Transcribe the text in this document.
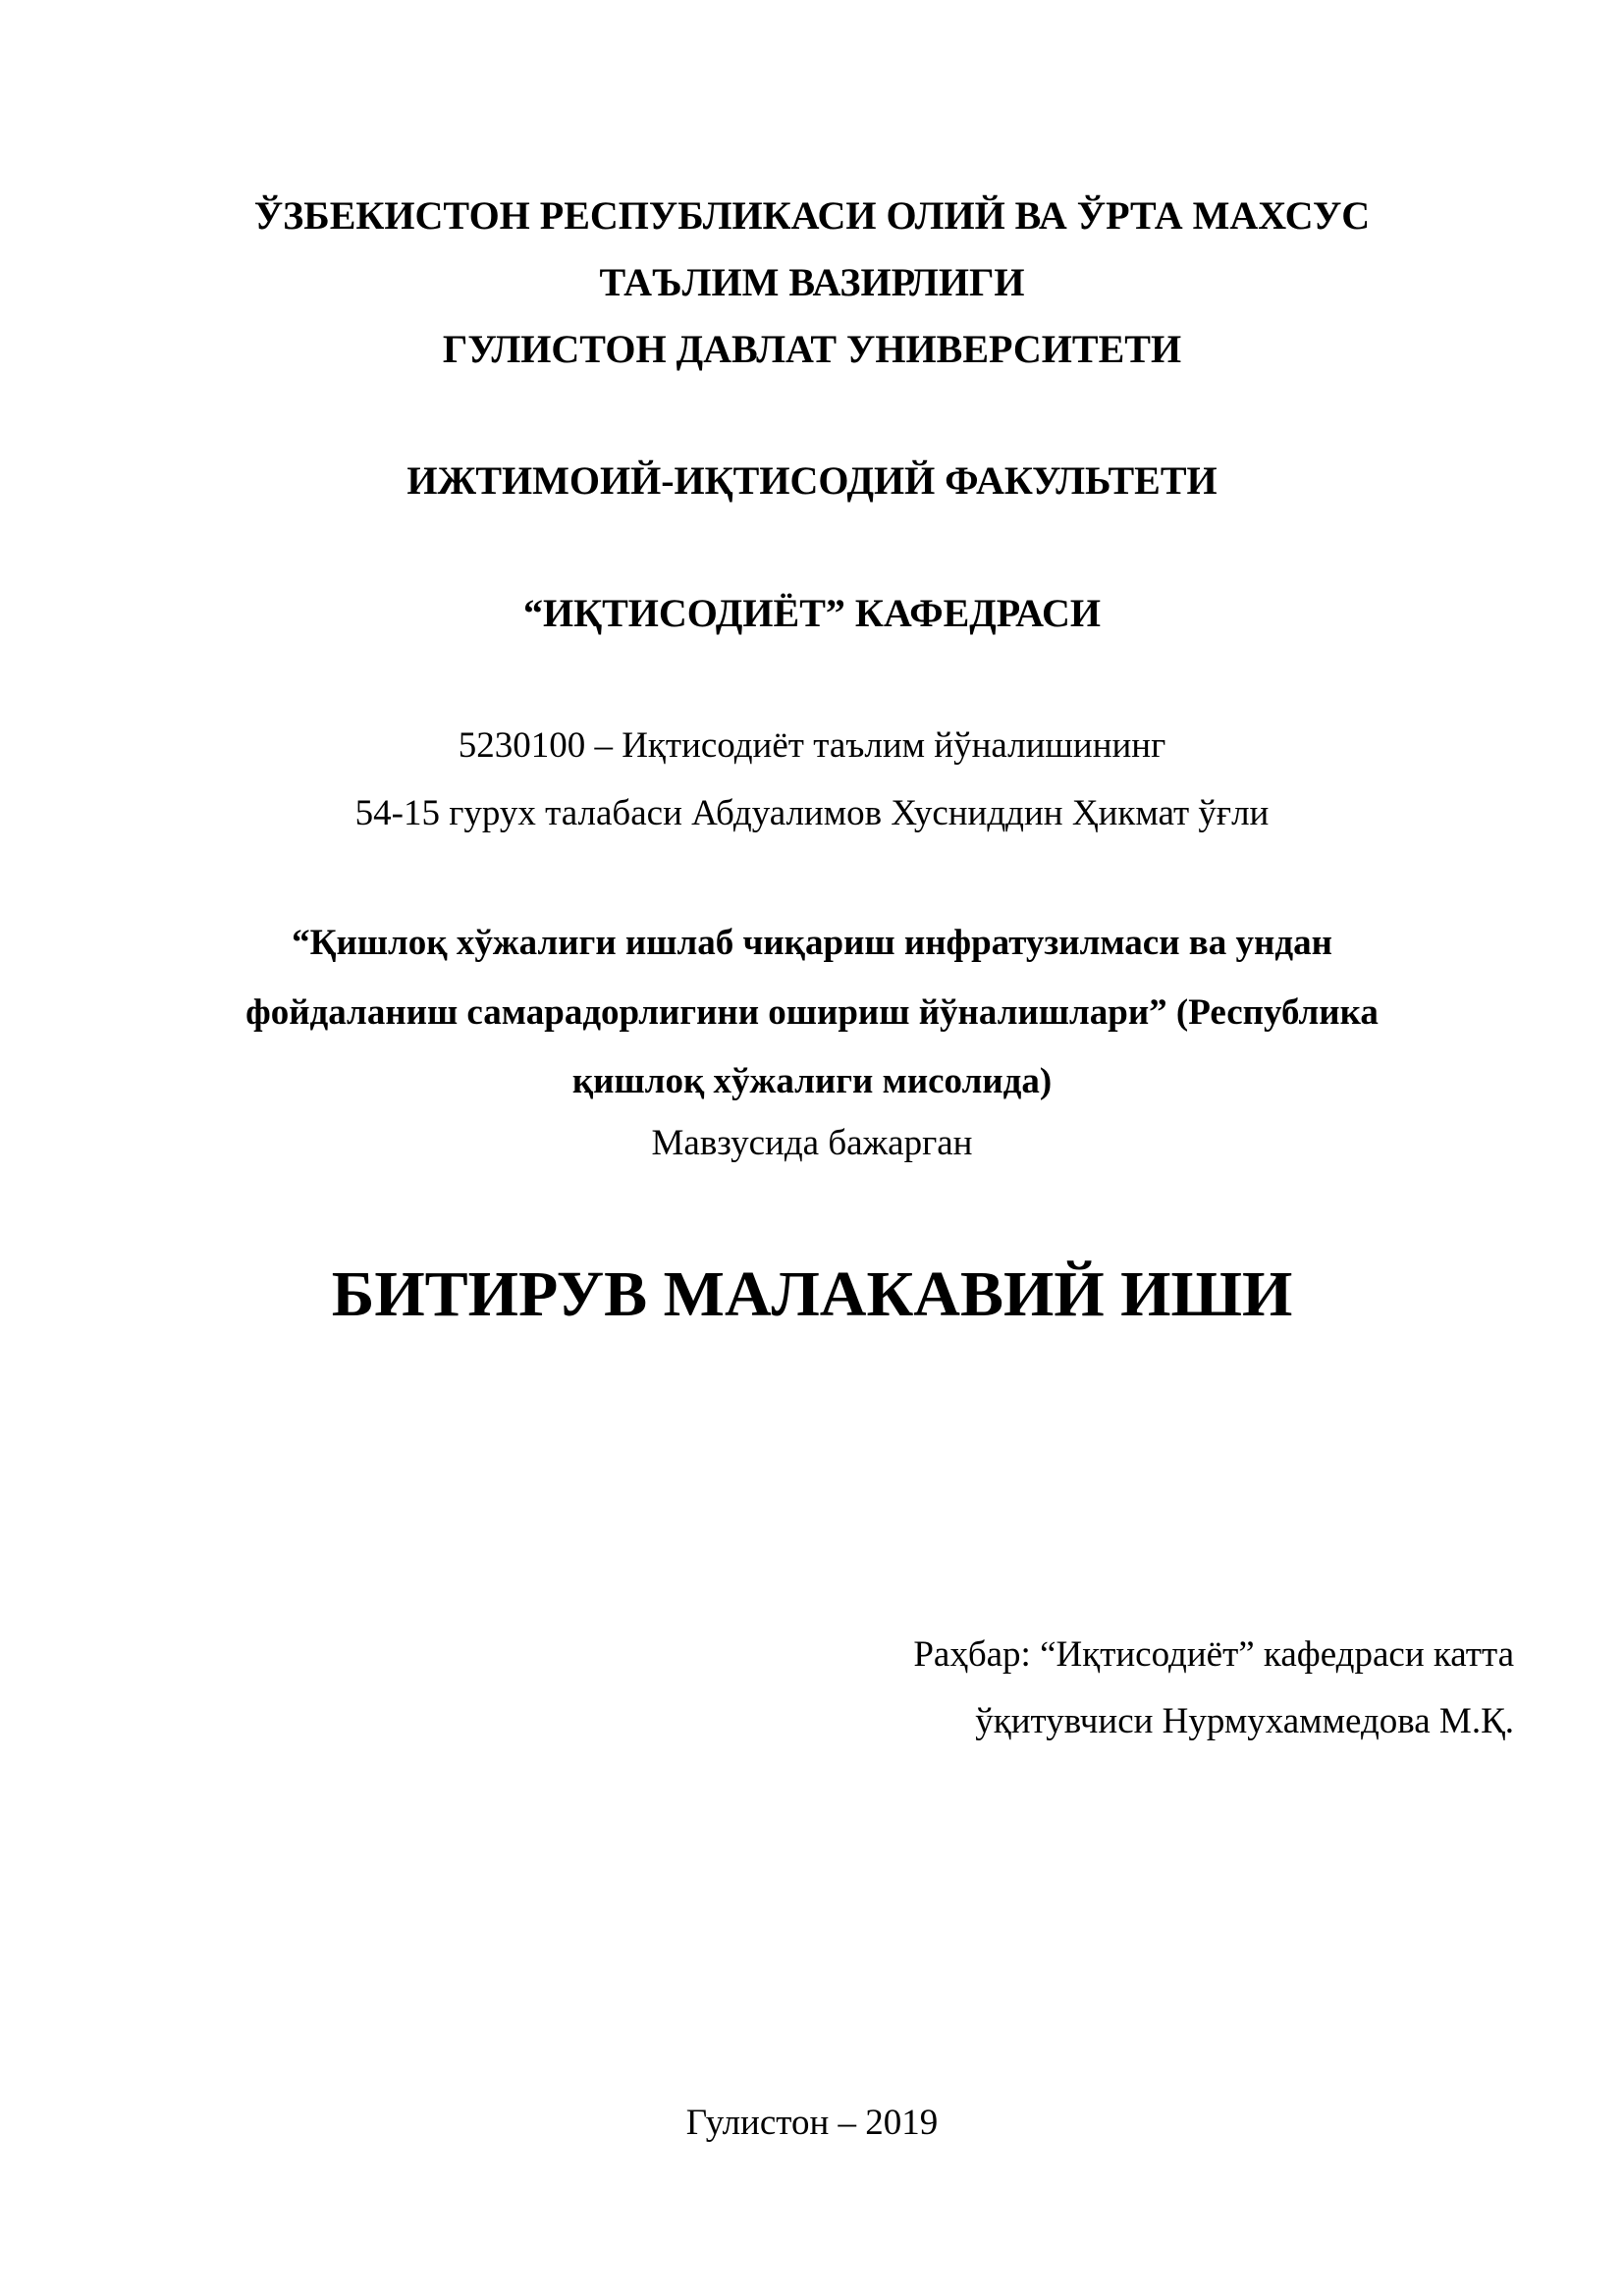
ЎЗБЕКИСТОН РЕСПУБЛИКАСИ ОЛИЙ ВА ЎРТА МАХСУС
ТАЪЛИМ ВАЗИРЛИГИ
ГУЛИСТОН ДАВЛАТ УНИВЕРСИТЕТИ
ИЖТИМОИЙ-ИҚТИСОДИЙ ФАКУЛЬТЕТИ
“ИҚТИСОДИЁТ” КАФЕДРАСИ
5230100 – Иқтисодиёт таълим йўналишининг
54-15 гурух талабаси Абдуалимов Хусниддин Ҳикмат ўғли
“Қишлоқ хўжалиги ишлаб чиқариш инфратузилмаси ва ундан
фойдаланиш самарадорлигини ошириш йўналишлари” (Республика
қишлоқ хўжалиги мисолида)
Мавзусида бажарган
БИТИРУВ МАЛАКАВИЙ ИШИ
Раҳбар: “Иқтисодиёт” кафедраси катта
ўқитувчиси Нурмухаммедова М.Қ.
Гулистон – 2019
